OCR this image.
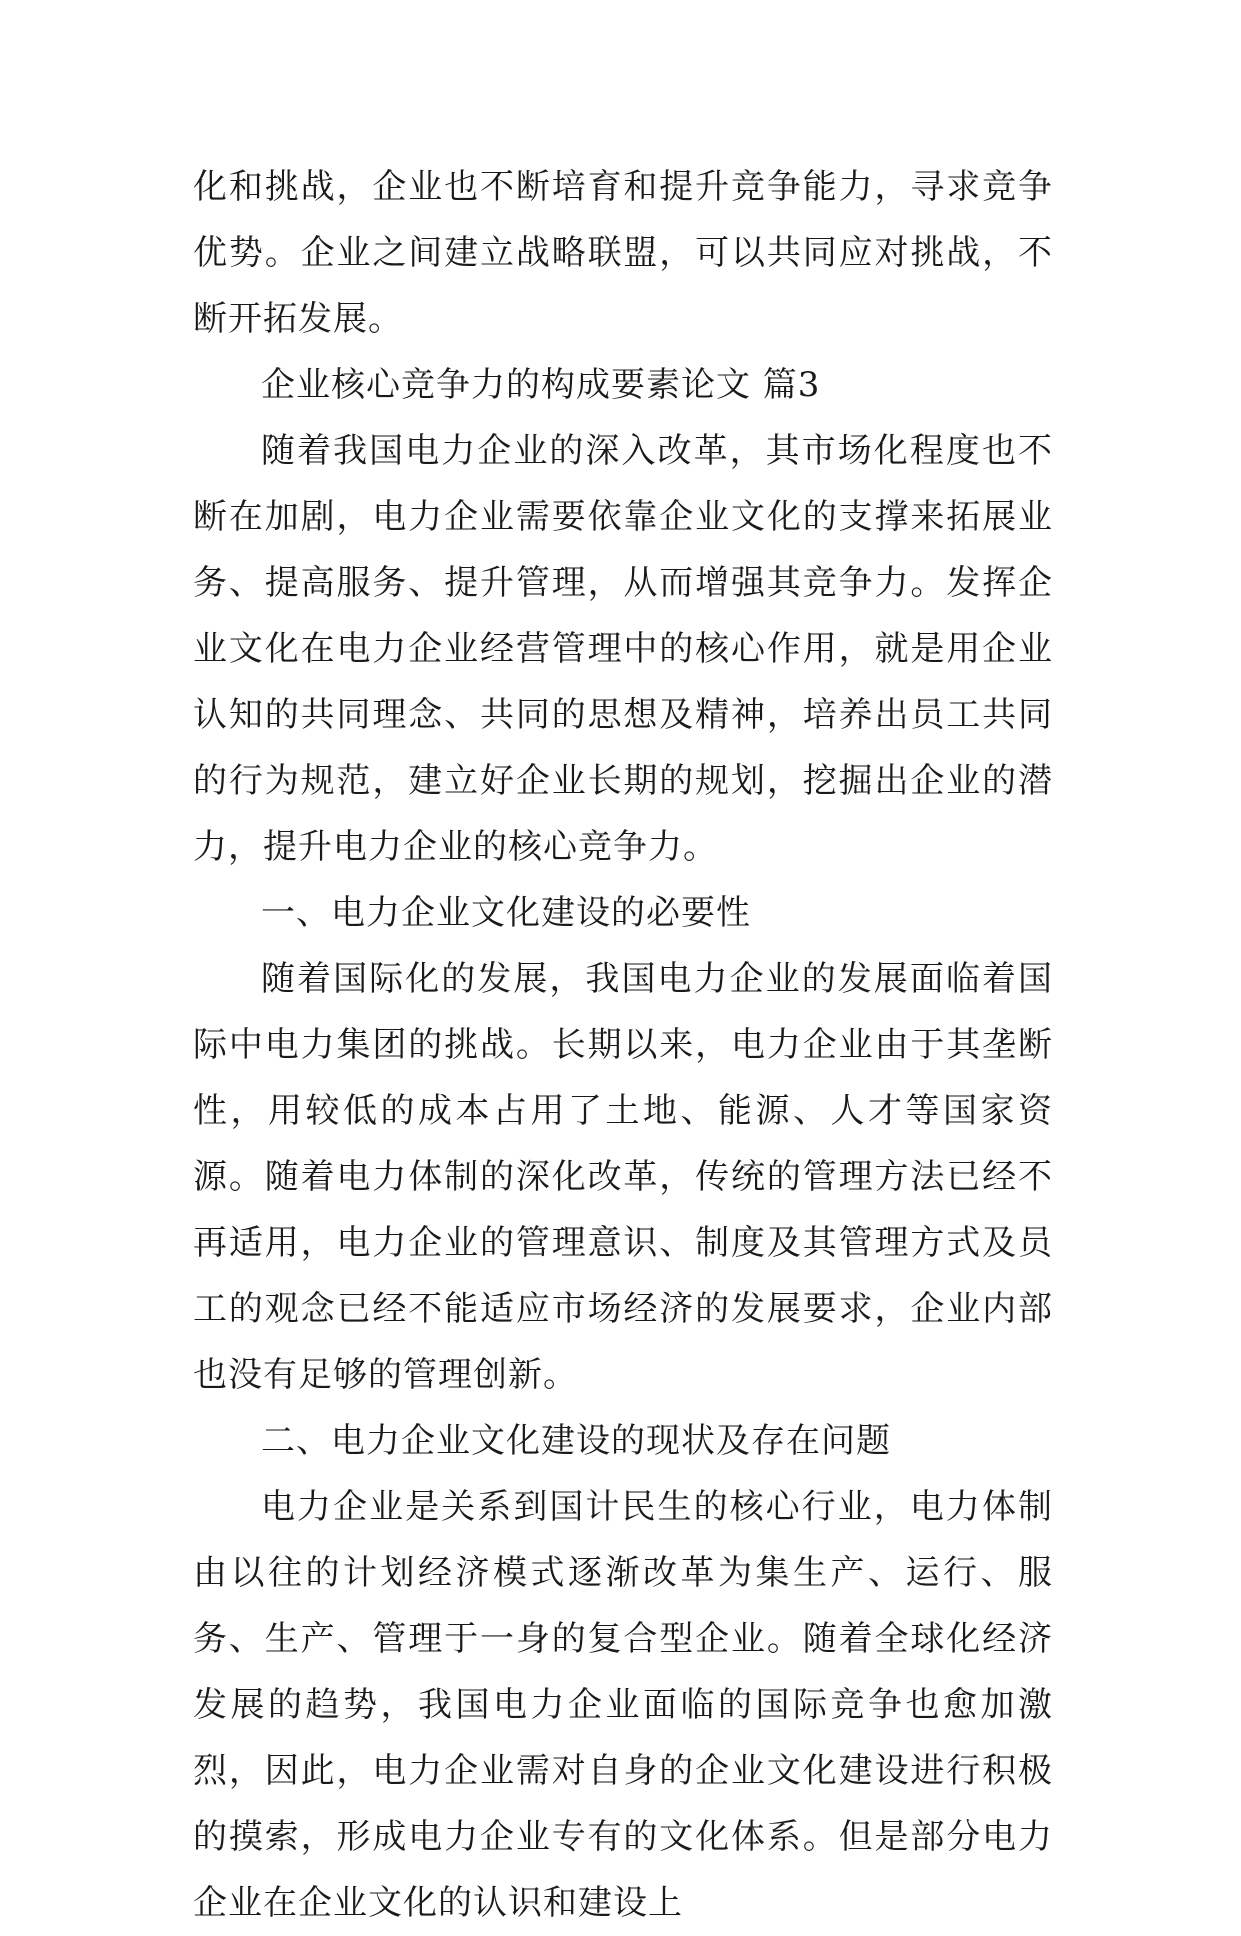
化和挑战，企业也不断培育和提升竞争能力，寻求竞争优势。企业之间建立战略联盟，可以共同应对挑战，不断开拓发展。

企业核心竞争力的构成要素论文 篇3

随着我国电力企业的深入改革，其市场化程度也不断在加剧，电力企业需要依靠企业文化的支撑来拓展业务、提高服务、提升管理，从而增强其竞争力。发挥企业文化在电力企业经营管理中的核心作用，就是用企业认知的共同理念、共同的思想及精神，培养出员工共同的行为规范，建立好企业长期的规划，挖掘出企业的潜力，提升电力企业的核心竞争力。

一、电力企业文化建设的必要性

随着国际化的发展，我国电力企业的发展面临着国际中电力集团的挑战。长期以来，电力企业由于其垄断性，用较低的成本占用了土地、能源、人才等国家资源。随着电力体制的深化改革，传统的管理方法已经不再适用，电力企业的管理意识、制度及其管理方式及员工的观念已经不能适应市场经济的发展要求，企业内部也没有足够的管理创新。

二、电力企业文化建设的现状及存在问题

电力企业是关系到国计民生的核心行业，电力体制由以往的计划经济模式逐渐改革为集生产、运行、服务、生产、管理于一身的复合型企业。随着全球化经济发展的趋势，我国电力企业面临的国际竞争也愈加激烈，因此，电力企业需对自身的企业文化建设进行积极的摸索，形成电力企业专有的文化体系。但是部分电力企业在企业文化的认识和建设上
